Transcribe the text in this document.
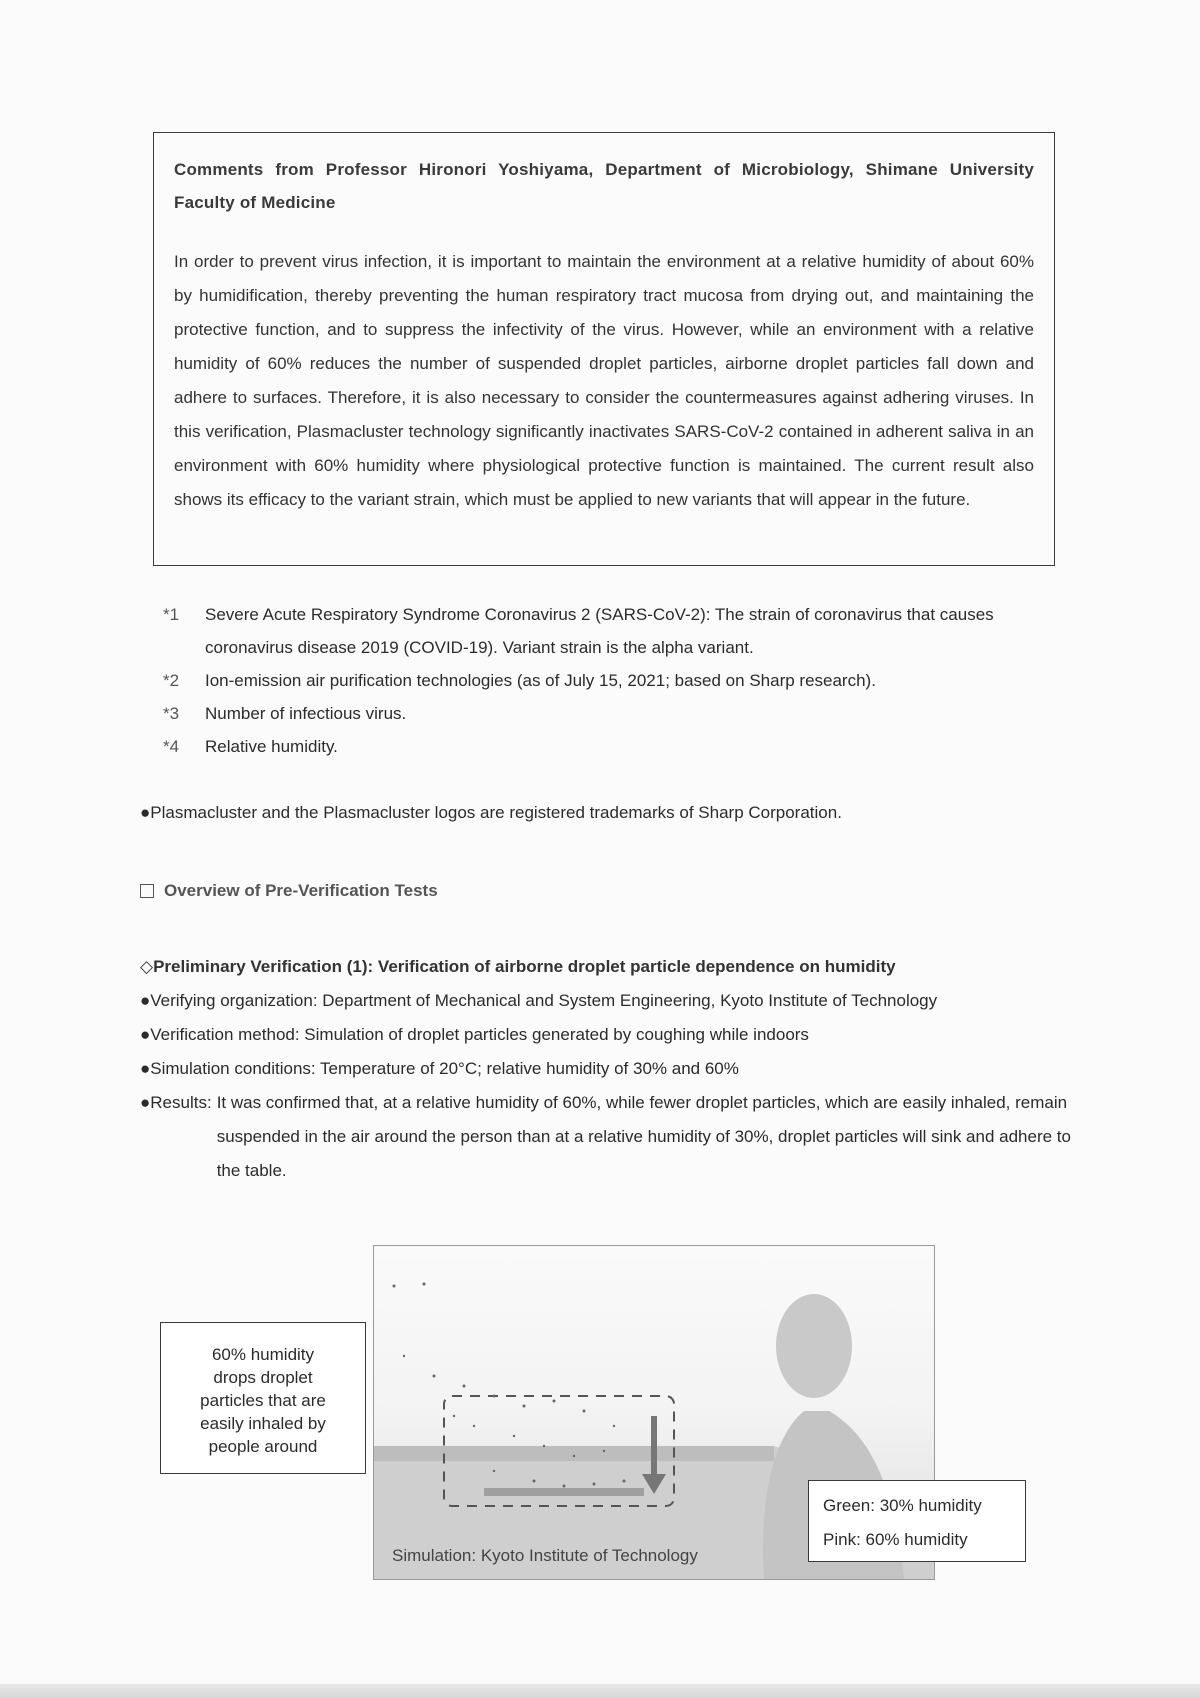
Comments from Professor Hironori Yoshiyama, Department of Microbiology, Shimane University Faculty of Medicine
In order to prevent virus infection, it is important to maintain the environment at a relative humidity of about 60% by humidification, thereby preventing the human respiratory tract mucosa from drying out, and maintaining the protective function, and to suppress the infectivity of the virus. However, while an environment with a relative humidity of 60% reduces the number of suspended droplet particles, airborne droplet particles fall down and adhere to surfaces. Therefore, it is also necessary to consider the countermeasures against adhering viruses. In this verification, Plasmacluster technology significantly inactivates SARS-CoV-2 contained in adherent saliva in an environment with 60% humidity where physiological protective function is maintained. The current result also shows its efficacy to the variant strain, which must be applied to new variants that will appear in the future.
*1	Severe Acute Respiratory Syndrome Coronavirus 2 (SARS-CoV-2): The strain of coronavirus that causes coronavirus disease 2019 (COVID-19). Variant strain is the alpha variant.
*2	Ion-emission air purification technologies (as of July 15, 2021; based on Sharp research).
*3	Number of infectious virus.
*4	Relative humidity.
●Plasmacluster and the Plasmacluster logos are registered trademarks of Sharp Corporation.
Overview of Pre-Verification Tests
◇Preliminary Verification (1): Verification of airborne droplet particle dependence on humidity
●Verifying organization: Department of Mechanical and System Engineering, Kyoto Institute of Technology
●Verification method: Simulation of droplet particles generated by coughing while indoors
●Simulation conditions: Temperature of 20°C; relative humidity of 30% and 60%
●Results: It was confirmed that, at a relative humidity of 60%, while fewer droplet particles, which are easily inhaled, remain suspended in the air around the person than at a relative humidity of 30%, droplet particles will sink and adhere to the table.
60% humidity
drops droplet
particles that are
easily inhaled by
people around
Green: 30% humidity
Pink: 60% humidity
Simulation: Kyoto Institute of Technology
